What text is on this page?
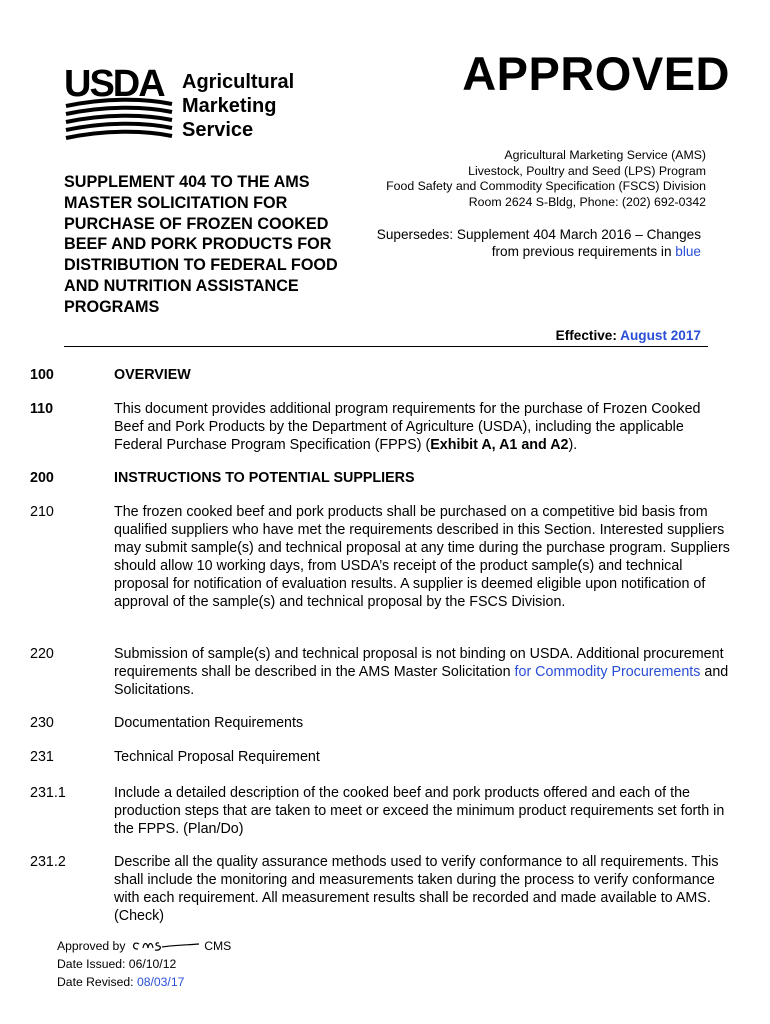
USDA Agricultural
Marketing
Service
APPROVED
SUPPLEMENT 404 TO THE AMS MASTER SOLICITATION FOR PURCHASE OF FROZEN COOKED BEEF AND PORK PRODUCTS FOR DISTRIBUTION TO FEDERAL FOOD AND NUTRITION ASSISTANCE PROGRAMS
Agricultural Marketing Service (AMS)
Livestock, Poultry and Seed (LPS) Program
Food Safety and Commodity Specification (FSCS) Division
Room 2624 S-Bldg, Phone: (202) 692-0342
Supersedes: Supplement 404 March 2016 – Changes
from previous requirements in blue
Effective: August 2017
100	OVERVIEW
110	This document provides additional program requirements for the purchase of Frozen Cooked Beef and Pork Products by the Department of Agriculture (USDA), including the applicable Federal Purchase Program Specification (FPPS) (Exhibit A, A1 and A2).
200	INSTRUCTIONS TO POTENTIAL SUPPLIERS
210	The frozen cooked beef and pork products shall be purchased on a competitive bid basis from qualified suppliers who have met the requirements described in this Section. Interested suppliers may submit sample(s) and technical proposal at any time during the purchase program. Suppliers should allow 10 working days, from USDA’s receipt of the product sample(s) and technical proposal for notification of evaluation results. A supplier is deemed eligible upon notification of approval of the sample(s) and technical proposal by the FSCS Division.
220	Submission of sample(s) and technical proposal is not binding on USDA. Additional procurement requirements shall be described in the AMS Master Solicitation for Commodity Procurements and Solicitations.
230	Documentation Requirements
231	Technical Proposal Requirement
231.1	Include a detailed description of the cooked beef and pork products offered and each of the production steps that are taken to meet or exceed the minimum product requirements set forth in the FPPS. (Plan/Do)
231.2	Describe all the quality assurance methods used to verify conformance to all requirements. This shall include the monitoring and measurements taken during the process to verify conformance with each requirement. All measurement results shall be recorded and made available to AMS. (Check)
Approved by	CMS
Date Issued: 06/10/12
Date Revised: 08/03/17
